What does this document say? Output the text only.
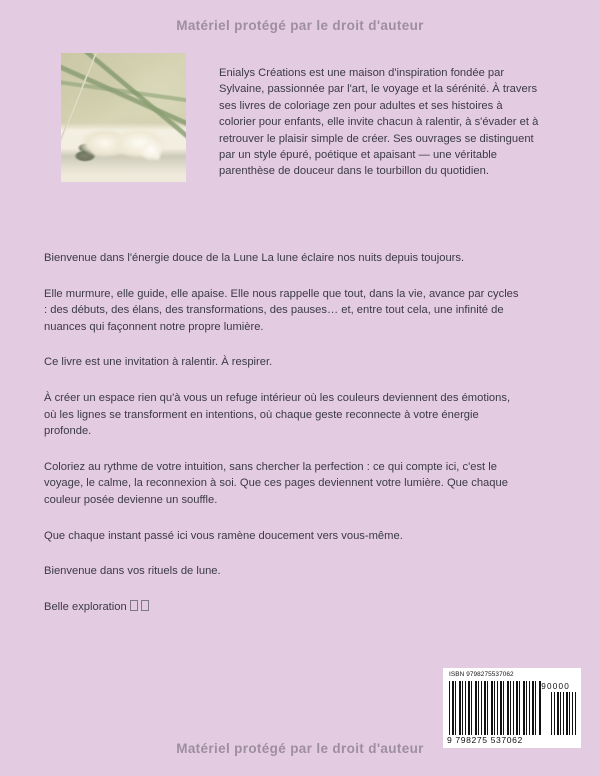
Matériel protégé par le droit d'auteur
Enialys Créations est une maison d'inspiration fondée par Sylvaine, passionnée par l'art, le voyage et la sérénité. À travers ses livres de coloriage zen pour adultes et ses histoires à colorier pour enfants, elle invite chacun à ralentir, à s'évader et à retrouver le plaisir simple de créer. Ses ouvrages se distinguent par un style épuré, poétique et apaisant — une véritable parenthèse de douceur dans le tourbillon du quotidien.

Bienvenue dans l'énergie douce de la Lune La lune éclaire nos nuits depuis toujours.

Elle murmure, elle guide, elle apaise. Elle nous rappelle que tout, dans la vie, avance par cycles : des débuts, des élans, des transformations, des pauses… et, entre tout cela, une infinité de nuances qui façonnent notre propre lumière.

Ce livre est une invitation à ralentir. À respirer.

À créer un espace rien qu'à vous un refuge intérieur où les couleurs deviennent des émotions, où les lignes se transforment en intentions, où chaque geste reconnecte à votre énergie profonde.

Coloriez au rythme de votre intuition, sans chercher la perfection : ce qui compte ici, c'est le voyage, le calme, la reconnexion à soi. Que ces pages deviennent votre lumière. Que chaque couleur posée devienne un souffle.

Que chaque instant passé ici vous ramène doucement vers vous-même.

Bienvenue dans vos rituels de lune.

Belle exploration

ISBN 9798275537062
90000
9 798275 537062
Matériel protégé par le droit d'auteur
